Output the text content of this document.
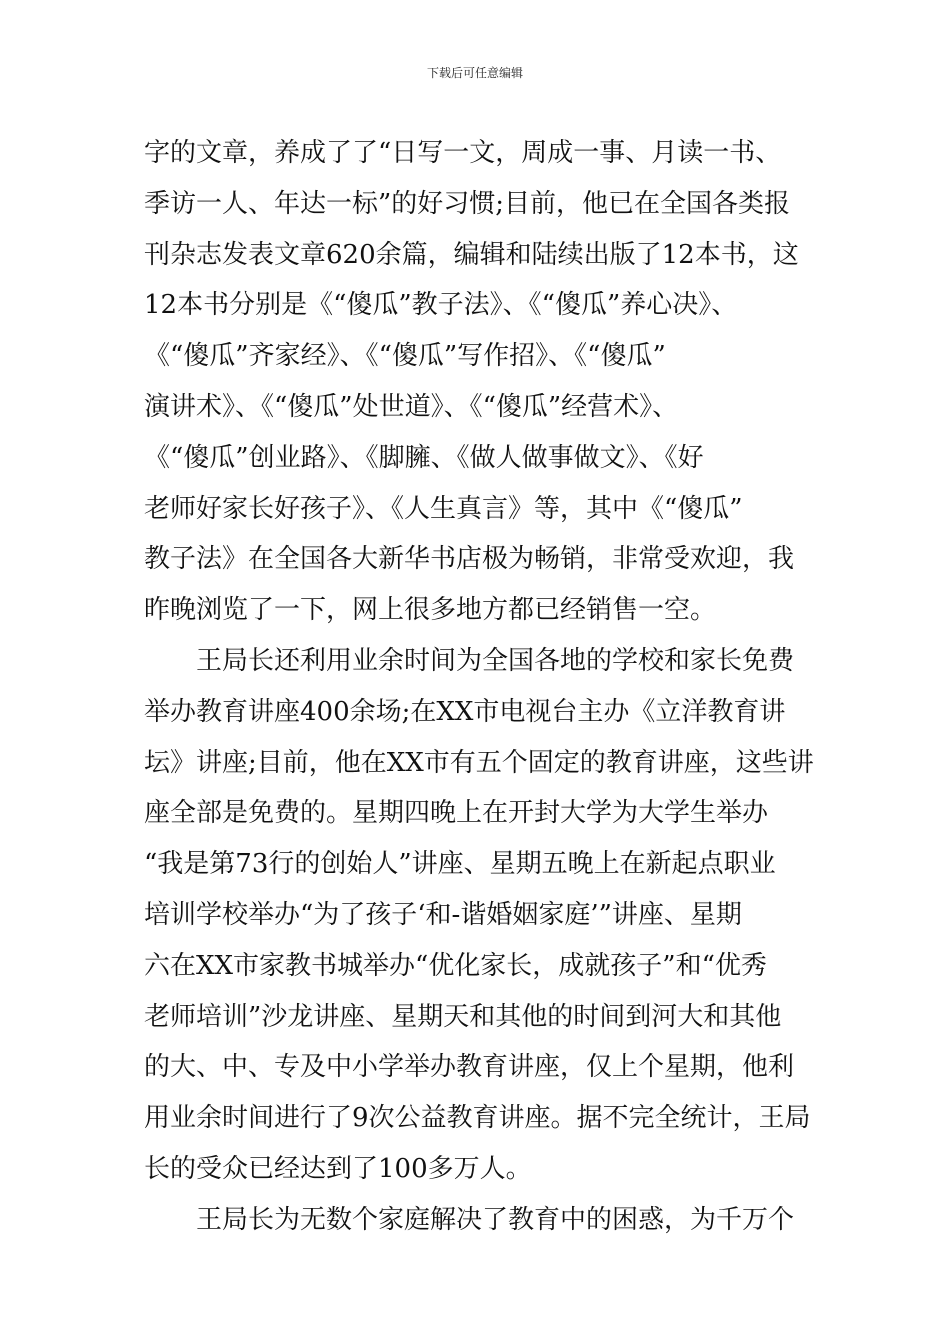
下载后可任意编辑
字的文章，养成了了“日写一文，周成一事、月读一书、
季访一人、年达一标”的好习惯;目前，他已在全国各类报
刊杂志发表文章620余篇，编辑和陆续出版了12本书，这
12本书分别是《“傻瓜”教子法》、《“傻瓜”养心决》、
《“傻瓜”齐家经》、《“傻瓜”写作招》、《“傻瓜”
演讲术》、《“傻瓜”处世道》、《“傻瓜”经营术》、
《“傻瓜”创业路》、《脚臃、《做人做事做文》、《好
老师好家长好孩子》、《人生真言》等，其中《“傻瓜”
教子法》在全国各大新华书店极为畅销，非常受欢迎，我
昨晚浏览了一下，网上很多地方都已经销售一空。
王局长还利用业余时间为全国各地的学校和家长免费
举办教育讲座400余场;在XX市电视台主办《立洋教育讲
坛》讲座;目前，他在XX市有五个固定的教育讲座，这些讲
座全部是免费的。星期四晚上在开封大学为大学生举办
“我是第73行的创始人”讲座、星期五晚上在新起点职业
培训学校举办“为了孩子‘和-谐婚姻家庭’”讲座、星期
六在XX市家教书城举办“优化家长，成就孩子”和“优秀
老师培训”沙龙讲座、星期天和其他的时间到河大和其他
的大、中、专及中小学举办教育讲座，仅上个星期，他利
用业余时间进行了9次公益教育讲座。据不完全统计，王局
长的受众已经达到了100多万人。
王局长为无数个家庭解决了教育中的困惑，为千万个
